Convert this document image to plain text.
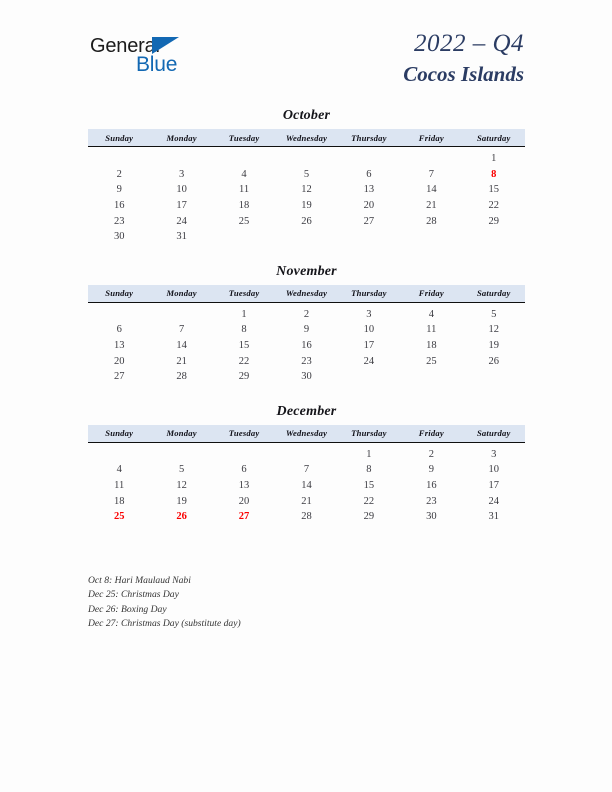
General
Blue
2022 – Q4
Cocos Islands
October
Sunday	Monday	Tuesday	Wednesday	Thursday	Friday	Saturday
						1
2	3	4	5	6	7	8
9	10	11	12	13	14	15
16	17	18	19	20	21	22
23	24	25	26	27	28	29
30	31					
November
Sunday	Monday	Tuesday	Wednesday	Thursday	Friday	Saturday
		1	2	3	4	5
6	7	8	9	10	11	12
13	14	15	16	17	18	19
20	21	22	23	24	25	26
27	28	29	30			
December
Sunday	Monday	Tuesday	Wednesday	Thursday	Friday	Saturday
				1	2	3
4	5	6	7	8	9	10
11	12	13	14	15	16	17
18	19	20	21	22	23	24
25	26	27	28	29	30	31
Oct 8: Hari Maulaud Nabi
Dec 25: Christmas Day
Dec 26: Boxing Day
Dec 27: Christmas Day (substitute day)
